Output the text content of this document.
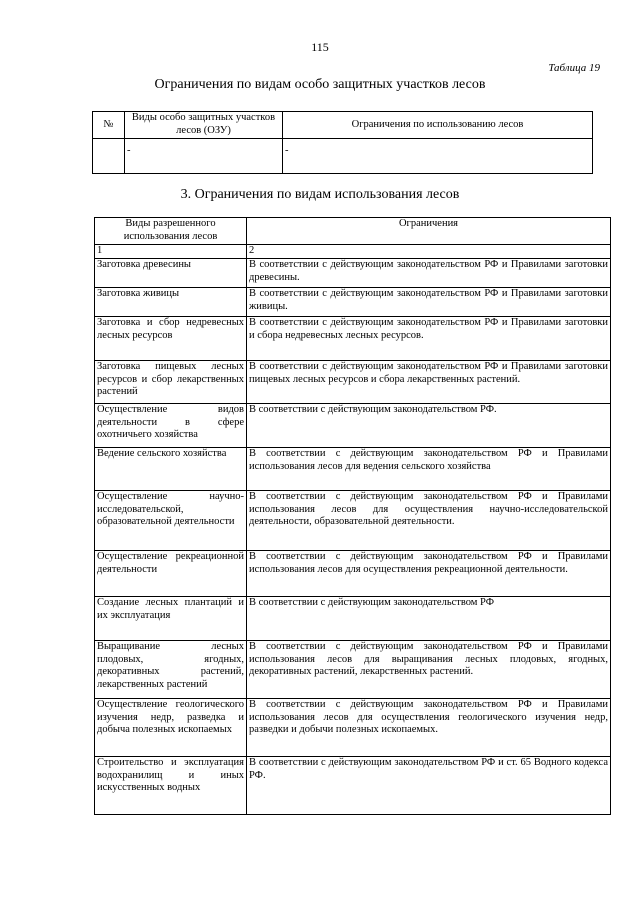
115
Таблица 19
Ограничения по видам особо защитных участков лесов
№	Виды особо защитных участков лесов (ОЗУ)	Ограничения по использованию лесов
	-	-
3. Ограничения по видам использования лесов
Виды разрешенного использования лесов	Ограничения
1	2
Заготовка древесины	В соответствии с действующим законодательством РФ и Правилами заготовки древесины.
Заготовка живицы	В соответствии с действующим законодательством РФ и Правилами заготовки живицы.
Заготовка и сбор недревесных лесных ресурсов	В соответствии с действующим законодательством РФ и Правилами заготовки и сбора недревесных лесных ресурсов.
Заготовка пищевых лесных ресурсов и сбор лекарственных растений	В соответствии с действующим законодательством РФ и Правилами заготовки пищевых лесных ресурсов и сбора лекарственных растений.
Осуществление видов деятельности в сфере охотничьего хозяйства	В соответствии с действующим законодательством РФ.
Ведение сельского хозяйства	В соответствии с действующим законодательством РФ и Правилами использования лесов для ведения сельского хозяйства
Осуществление научно-исследовательской, образовательной деятельности	В соответствии с действующим законодательством РФ и Правилами использования лесов для осуществления научно-исследовательской деятельности, образовательной деятельности.
Осуществление рекреационной деятельности	В соответствии с действующим законодательством РФ и Правилами использования лесов для осуществления рекреационной деятельности.
Создание лесных плантаций и их эксплуатация	В соответствии с действующим законодательством РФ
Выращивание лесных плодовых, ягодных, декоративных растений, лекарственных растений	В соответствии с действующим законодательством РФ и Правилами использования лесов для выращивания лесных плодовых, ягодных, декоративных растений, лекарственных растений.
Осуществление геологического изучения недр, разведка и добыча полезных ископаемых	В соответствии с действующим законодательством РФ и Правилами использования лесов для осуществления геологического изучения недр, разведки и добычи полезных ископаемых.
Строительство и эксплуатация водохранилищ и иных искусственных водных	В соответствии с действующим законодательством РФ и ст. 65 Водного кодекса РФ.
